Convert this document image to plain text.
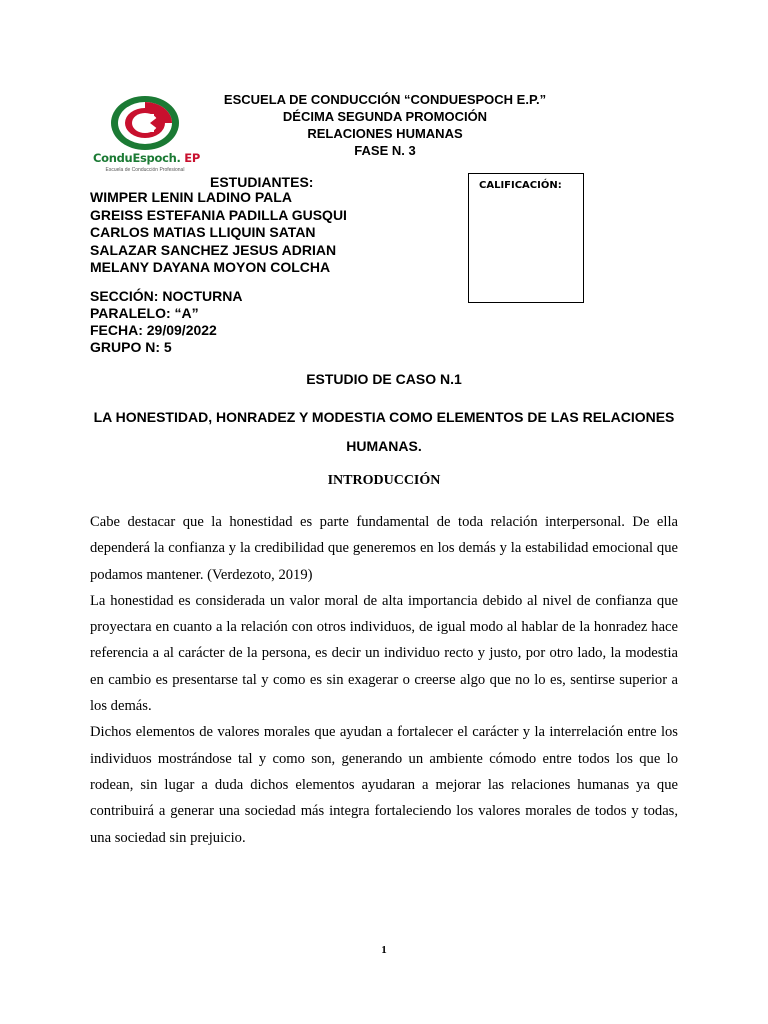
ConduEspoch. EP
Escuela de Conducción Profesional
ESCUELA DE CONDUCCIÓN “CONDUESPOCH E.P.”
DÉCIMA SEGUNDA PROMOCIÓN
RELACIONES HUMANAS
FASE N. 3
ESTUDIANTES:
WIMPER LENIN LADINO PALA
GREISS ESTEFANIA PADILLA GUSQUI
CARLOS MATIAS LLIQUIN SATAN
SALAZAR SANCHEZ JESUS ADRIAN
MELANY DAYANA MOYON COLCHA
SECCIÓN: NOCTURNA
PARALELO: “A”
FECHA: 29/09/2022
GRUPO N: 5
CALIFICACIÓN:
ESTUDIO DE CASO N.1
LA HONESTIDAD, HONRADEZ Y MODESTIA COMO ELEMENTOS DE LAS RELACIONES HUMANAS.
INTRODUCCIÓN

Cabe destacar que la honestidad es parte fundamental de toda relación interpersonal. De ella dependerá la confianza y la credibilidad que generemos en los demás y la estabilidad emocional que podamos mantener. (Verdezoto, 2019)

La honestidad es considerada un valor moral de alta importancia debido al nivel de confianza que proyectara en cuanto a la relación con otros individuos, de igual modo al hablar de la honradez hace referencia a al carácter de la persona, es decir un individuo recto y justo, por otro lado, la modestia en cambio es presentarse tal y como es sin exagerar o creerse algo que no lo es, sentirse superior a los demás.

Dichos elementos de valores morales que ayudan a fortalecer el carácter y la interrelación entre los individuos mostrándose tal y como son, generando un ambiente cómodo entre todos los que lo rodean, sin lugar a duda dichos elementos ayudaran a mejorar las relaciones humanas ya que contribuirá a generar una sociedad más integra fortaleciendo los valores morales de todos y todas, una sociedad sin prejuicio.

1
